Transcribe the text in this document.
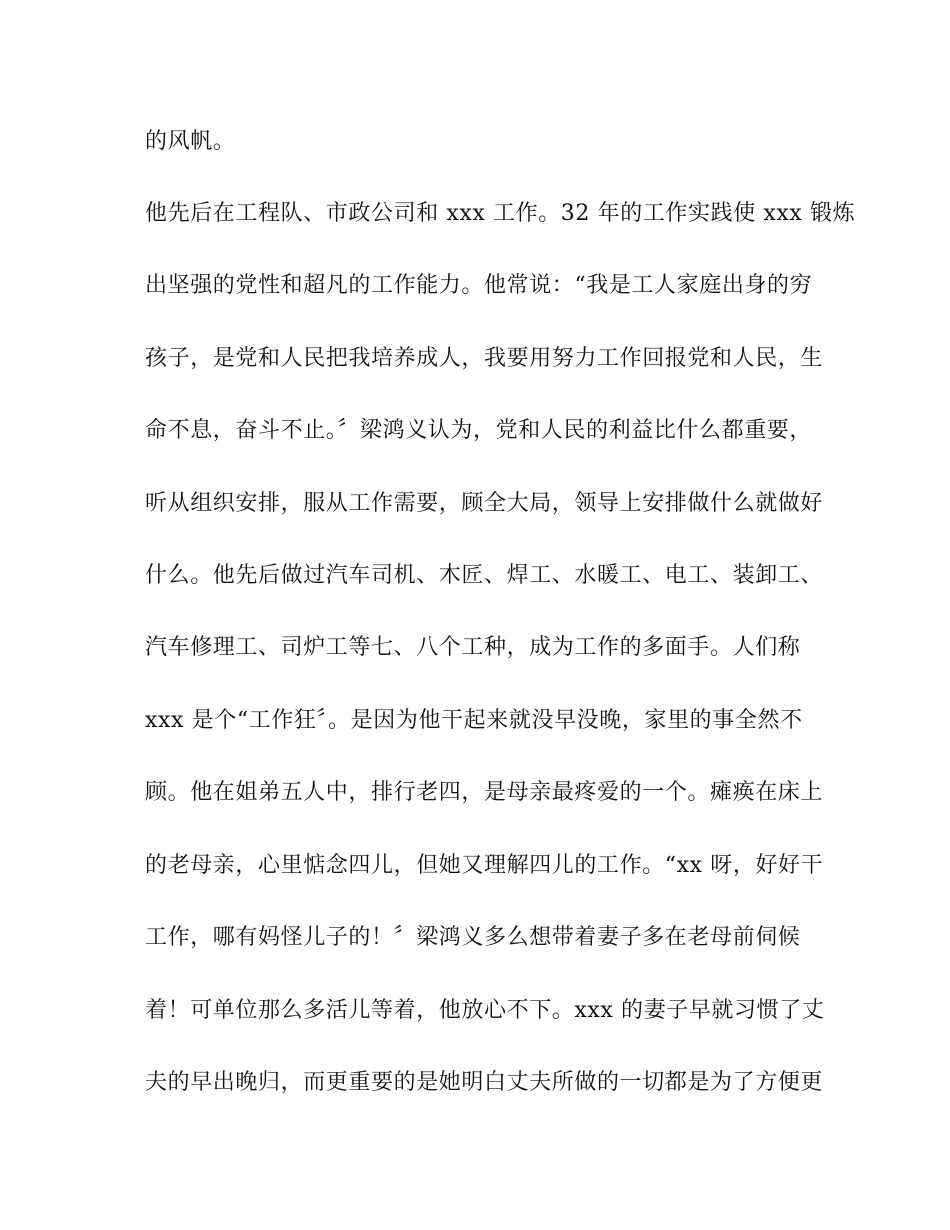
的风帆。
他先后在工程队、市政公司和 xxx 工作。32 年的工作实践使 xxx 锻炼
出坚强的党性和超凡的工作能力。他常说：“我是工人家庭出身的穷
孩子，是党和人民把我培养成人，我要用努力工作回报党和人民，生
命不息，奋斗不止。〞梁鸿义认为，党和人民的利益比什么都重要，
听从组织安排，服从工作需要，顾全大局，领导上安排做什么就做好
什么。他先后做过汽车司机、木匠、焊工、水暖工、电工、装卸工、
汽车修理工、司炉工等七、八个工种，成为工作的多面手。人们称
xxx 是个“工作狂〞。是因为他干起来就没早没晚，家里的事全然不
顾。他在姐弟五人中，排行老四，是母亲最疼爱的一个。瘫痪在床上
的老母亲，心里惦念四儿，但她又理解四儿的工作。“xx 呀，好好干
工作，哪有妈怪儿子的！〞梁鸿义多么想带着妻子多在老母前伺候
着！可单位那么多活儿等着，他放心不下。xxx 的妻子早就习惯了丈
夫的早出晚归，而更重要的是她明白丈夫所做的一切都是为了方便更
